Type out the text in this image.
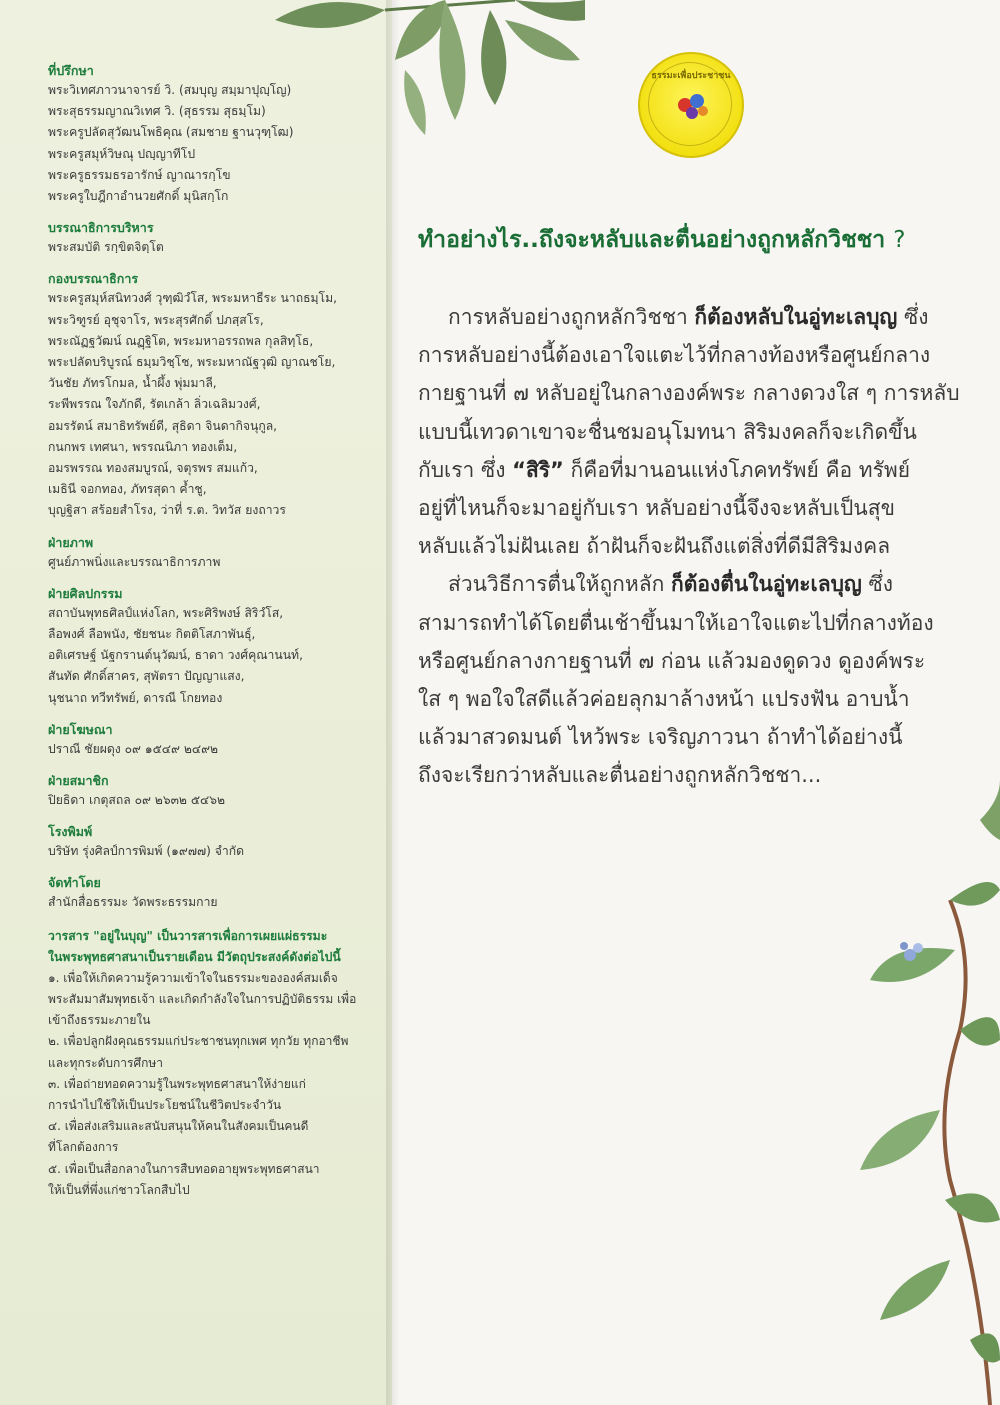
ที่ปรึกษา
พระวิเทศภาวนาจารย์ วิ. (สมบุญ สมฺมาปุญฺโญ)
พระสุธรรมญาณวิเทศ วิ. (สุธรรม สุธมฺโม)
พระครูปลัดสุวัฒนโพธิคุณ (สมชาย ฐานวุฑฺโฒ)
พระครูสมุห์วิษณุ ปญฺญาทีโป
พระครูธรรมธรอารักษ์ ญาณารกฺโข
พระครูใบฎีกาอำนวยศักดิ์ มุนิสกฺโก
บรรณาธิการบริหาร
พระสมบัติ รกฺขิตจิตฺโต
กองบรรณาธิการ
พระครูสมุห์สนิทวงศ์ วุฑฺฒิวํโส, พระมหาธีระ นาถธมฺโม,
พระวิฑูรย์ อุชุจาโร, พระสุรศักดิ์ ปภสฺสโร,
พระณัฏฐวัฒน์ ณฏฺฐิโต, พระมหาอรรถพล กุลสิทฺโธ,
พระปลัดบริบูรณ์ ธมฺมวิชฺโช, พระมหาณัฐวุฒิ ญาณชโย,
วันชัย ภัทรโกมล, น้ำผึ้ง พุ่มมาลี,
ระพีพรรณ ใจภักดี, รัตเกล้า ลิ่วเฉลิมวงศ์,
อมรรัตน์ สมาธิทรัพย์ดี, สุธิดา จินดากิจนุกูล,
กนกพร เทศนา, พรรณนิภา ทองเต็ม,
อมรพรรณ ทองสมบูรณ์, จตุรพร สมแก้ว,
เมธินี จอกทอง, ภัทรสุดา ค้ำชู,
บุญฐิสา สร้อยสำโรง, ว่าที่ ร.ต. วิทวัส ยงถาวร
ฝ่ายภาพ
ศูนย์ภาพนิ่งและบรรณาธิการภาพ
ฝ่ายศิลปกรรม
สถาบันพุทธศิลป์แห่งโลก, พระศิริพงษ์ สิริวํโส,
ลือพงศ์ ลือพนัง, ชัยชนะ กิตติโสภาพันธุ์,
อติเศรษฐ์ นัฐกรานต์นุวัฒน์, ธาดา วงศ์คุณานนท์,
สันทัด ศักดิ์สาคร, สุพัตรา ปัญญาแสง,
นุชนาถ ทวีทรัพย์, ดารณี โกยทอง
ฝ่ายโฆษณา
ปราณี ชัยผดุง ๐๙ ๑๕๔๙ ๒๔๙๒
ฝ่ายสมาชิก
ปิยธิดา เกตุสถล ๐๙ ๒๖๓๒ ๕๔๖๒
โรงพิมพ์
บริษัท รุ่งศิลป์การพิมพ์ (๑๙๗๗) จำกัด
จัดทำโดย
สำนักสื่อธรรมะ วัดพระธรรมกาย
วารสาร "อยู่ในบุญ" เป็นวารสารเพื่อการเผยแผ่ธรรมะ
ในพระพุทธศาสนาเป็นรายเดือน มีวัตถุประสงค์ดังต่อไปนี้
๑. เพื่อให้เกิดความรู้ความเข้าใจในธรรมะขององค์สมเด็จ
พระสัมมาสัมพุทธเจ้า และเกิดกำลังใจในการปฏิบัติธรรม เพื่อ
เข้าถึงธรรมะภายใน
๒. เพื่อปลูกฝังคุณธรรมแก่ประชาชนทุกเพศ ทุกวัย ทุกอาชีพ
และทุกระดับการศึกษา
๓. เพื่อถ่ายทอดความรู้ในพระพุทธศาสนาให้ง่ายแก่
การนำไปใช้ให้เป็นประโยชน์ในชีวิตประจำวัน
๔. เพื่อส่งเสริมและสนับสนุนให้คนในสังคมเป็นคนดี
ที่โลกต้องการ
๕. เพื่อเป็นสื่อกลางในการสืบทอดอายุพระพุทธศาสนา
ให้เป็นที่พึ่งแก่ชาวโลกสืบไป
ธรรมะเพื่อประชาชน
ทำอย่างไร..ถึงจะหลับและตื่นอย่างถูกหลักวิชชา ?
การหลับอย่างถูกหลักวิชชา ก็ต้องหลับในอู่ทะเลบุญ ซึ่ง
การหลับอย่างนี้ต้องเอาใจแตะไว้ที่กลางท้องหรือศูนย์กลาง
กายฐานที่ ๗ หลับอยู่ในกลางองค์พระ กลางดวงใส ๆ การหลับ
แบบนี้เทวดาเขาจะชื่นชมอนุโมทนา สิริมงคลก็จะเกิดขึ้น
กับเรา ซึ่ง “สิริ” ก็คือที่มานอนแห่งโภคทรัพย์ คือ ทรัพย์
อยู่ที่ไหนก็จะมาอยู่กับเรา หลับอย่างนี้จึงจะหลับเป็นสุข
หลับแล้วไม่ฝันเลย ถ้าฝันก็จะฝันถึงแต่สิ่งที่ดีมีสิริมงคล
ส่วนวิธีการตื่นให้ถูกหลัก ก็ต้องตื่นในอู่ทะเลบุญ ซึ่ง
สามารถทำได้โดยตื่นเช้าขึ้นมาให้เอาใจแตะไปที่กลางท้อง
หรือศูนย์กลางกายฐานที่ ๗ ก่อน แล้วมองดูดวง ดูองค์พระ
ใส ๆ พอใจใสดีแล้วค่อยลุกมาล้างหน้า แปรงฟัน อาบน้ำ
แล้วมาสวดมนต์ ไหว้พระ เจริญภาวนา ถ้าทำได้อย่างนี้
ถึงจะเรียกว่าหลับและตื่นอย่างถูกหลักวิชชา...
